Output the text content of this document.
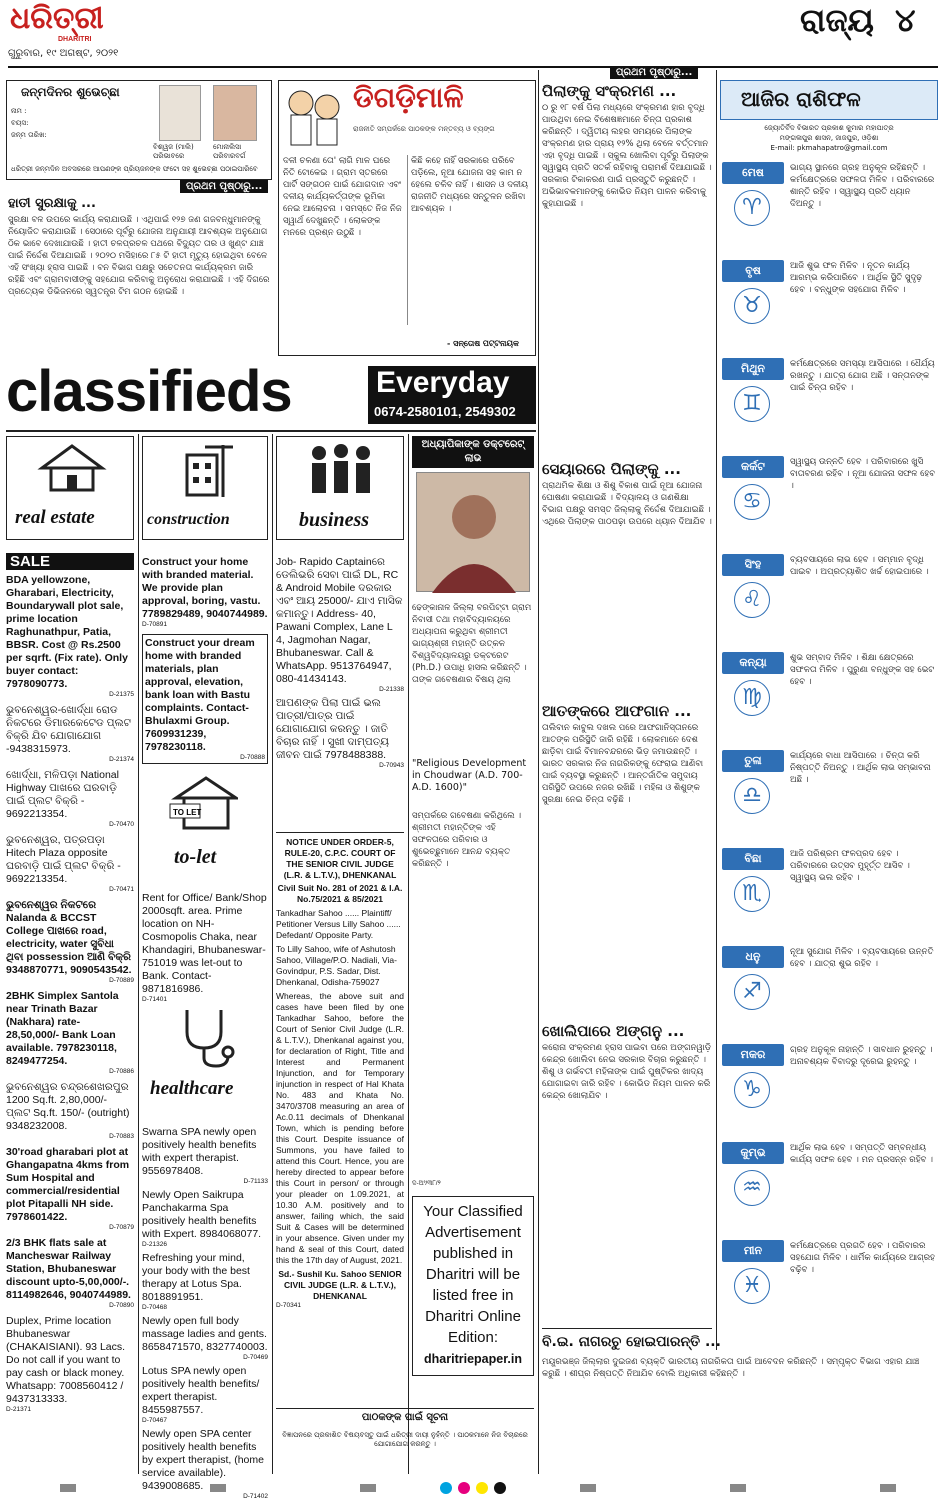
ଧରିତ୍ରୀ
DHARITRI
ଗୁରୁବାର, ୧୯ ଅଗଷ୍ଟ, ୨୦୨୧
ରାଜ୍ୟ ୪
ଜନ୍ମଦିନର ଶୁଭେଚ୍ଛା
ନାମ :
ବୟସ:
ଜନ୍ମ ତାରିଖ:
ବିଶ୍ୱଜ (ମାଲି)
ପରିଭାବରେ
ମୋନାଲିସା
ପରିବାରବର୍ଗ
ଧରିତ୍ରୀ ଜନ୍ମଦିନ ଅବସରରେ ଆପଣଙ୍କ ପ୍ରିୟଜନଙ୍କ ଫଟୋ ସହ ଶୁଭେଚ୍ଛା ପଠାଇପାରିବେ
ପ୍ରଥମ ପୃଷ୍ଠାରୁ...
ହାତୀ ସୁରକ୍ଷାକୁ ...
ସୁରକ୍ଷା ବଳ ଉପରେ କାର୍ଯ୍ୟ କରାଯାଉଛି । ଏଥିପାଇଁ ୧୨୭ ଜଣ ଗଜବନ୍ଧୁମାନଙ୍କୁ ନିୟୋଜିତ କରାଯାଉଛି । ସେଠାରେ ପୂର୍ବରୁ ଯୋଜନା ଅନୁଯାୟୀ ଆବଶ୍ୟକ ଅନୁଯୋଗ ଠିକ ଭାବେ ଦେଖାଯାଉଛି । ହାତୀ ଚଳପ୍ରଚଳ ପଥରେ ବିଦ୍ୟୁତ ତାର ଓ ଖୁଣ୍ଟ ଯାଞ୍ଚ ପାଇଁ ନିର୍ଦ୍ଦେଶ ଦିଆଯାଇଛି । ୨୦୨୦ ମସିହାରେ ୮୫ ଟି ହାତୀ ମୃତ୍ୟୁ ହୋଇଥିବା ବେଳେ ଏହି ସଂଖ୍ୟା ହ୍ରାସ ପାଇଛି । ବନ ବିଭାଗ ପକ୍ଷରୁ ସଚେତନତା କାର୍ଯ୍ୟକ୍ରମ ଜାରି ରହିଛି ଏବଂ ଗ୍ରାମବାସୀଙ୍କୁ ସହଯୋଗ କରିବାକୁ ଅନୁରୋଧ କରାଯାଇଛି । ଏହି ଦିଗରେ ପ୍ରତ୍ୟେକ ଡିଭିଜନରେ ସ୍ୱତନ୍ତ୍ର ଟିମ ଗଠନ ହୋଇଛି ।
ଡିଗଡ଼ିମାଳି
ରାଜନୀତି ସମ୍ପର୍କରେ ପାଠକଙ୍କ ମନ୍ତବ୍ୟ ଓ ବ୍ୟଙ୍ଗ
ଦଳୀ ଚଳଣା ତୋ' ଲାଗି ମାଳ ଘରେ ନିତି ଟୋକେଇ । ଗ୍ରାମ ସ୍ତରରେ ପାର୍ଟି ସଙ୍ଗଠନ ପାଇଁ ଯୋଗଦାନ ଏବଂ ଦଳୀୟ କାର୍ଯ୍ୟକର୍ତ୍ତାଙ୍କ ଭୂମିକା ନେଇ ଆଲୋଚନା । ସମସ୍ତେ ନିଜ ନିଜ ସ୍ୱାର୍ଥ ଦେଖୁଛନ୍ତି । ଲୋକଙ୍କ ମନରେ ପ୍ରଶ୍ନ ଉଠୁଛି ।
କିଛି କହେ ନାହିଁ ସରକାରେ ପରିବେ ପଡ଼ିଲେ, ନୂଆ ଯୋଜନା ସହ କାମ ନ ହେଲେ ଚଳିବ ନାହିଁ । ଶାସନ ଓ ଦଳୀୟ ରାଜନୀତି ମଧ୍ୟରେ ସନ୍ତୁଳନ ରଖିବା ଆବଶ୍ୟକ ।
- ସନ୍ତୋଷ ପଟ୍ଟନାୟକ
classifieds	Everyday
0674-2580101, 2549302
real estate
SALE
BDA yellowzone, Gharabari, Electricity, Boundarywall plot sale, prime location Raghunathpur, Patia, BBSR. Cost @ Rs.2500 per sqrft. (Fix rate). Only buyer contact: 7978090773.
D-21375
ଭୁବନେଶ୍ୱର-ଖୋର୍ଦ୍ଧା ରୋଡ ନିକଟରେ ଡିମାରକେଟେଡ ପ୍ଲଟ ବିକ୍ରି ଯିବ ଯୋଗାଯୋଗ -9438315973.
D-21374
ଖୋର୍ଦ୍ଧା, ମଳିପଡ଼ା National Highway ପାଖରେ ଘରବାଡ଼ି ପାଇଁ ପ୍ଲଟ ବିକ୍ରି - 9692213354.
D-70470
ଭୁବନେଶ୍ୱର, ପତ୍ରପଡ଼ା Hitech Plaza opposite ଘରବାଡ଼ି ପାଇଁ ପ୍ଲଟ ବିକ୍ରି - 9692213354.
D-70471
ଭୁବନେଶ୍ୱର ନିକଟରେ Nalanda & BCCST College ପାଖରେ road, electricity, water ସୁବିଧା ଥିବା possession ଆଣି ବିକ୍ରି 9348870771, 9090543542.
D-70889
2BHK Simplex Santola near Trinath Bazar (Nakhara) rate- 28,50,000/- Bank Loan available. 7978230118, 8249477254.
D-70886
ଭୁବନେଶ୍ୱର ଚନ୍ଦ୍ରଶେଖରପୁର 1200 Sq.ft. 2,80,000/- ପ୍ଲଟ Sq.ft. 150/- (outright) 9348232008.
D-70883
30'road gharabari plot at Ghangapatna 4kms from Sum Hospital and commercial/residential plot Pitapalli NH side. 7978601422.
D-70879
2/3 BHK flats sale at Mancheswar Railway Station, Bhubaneswar discount upto-5,00,000/-. 8114982646, 9040744989.
D-70890
Duplex, Prime location Bhubaneswar (CHAKAISIANI). 93 Lacs. Do not call if you want to pay cash or black money. Whatsapp: 7008560412 / 9437313333.
D-21371
construction
Construct your home with branded material. We provide plan approval, boring, vastu. 7789829489, 9040744989.
D-70891
Construct your dream home with branded materials, plan approval, elevation, bank loan with Bastu complaints. Contact- Bhulaxmi Group. 7609931239, 7978230118.
D-70888
TO LET
to-let
Rent for Office/ Bank/Shop 2000sqft. area. Prime location on NH-Cosmopolis Chaka, near Khandagiri, Bhubaneswar- 751019 was let-out to Bank. Contact- 9871816986.
D-71401
healthcare
Swarna SPA newly open positively health benefits with expert therapist. 9556978408.
D-71133
Newly Open Saikrupa Panchakarma Spa positively health benefits with Expert. 8984068077.
D-21326
Refreshing your mind, your body with the best therapy at Lotus Spa. 8018891951.
D-70468
Newly open full body massage ladies and gents. 8658471570, 8327740003.
D-70469
Lotus SPA newly open positively health benefits/ expert therapist. 8455987557.
D-70467
Newly open SPA center positively health benefits by expert therapist, (home service available). 9439008685.
D-71402
business
Job- Rapido Captainରେ ଡେଲିଭରି ସେବା ପାଇଁ DL, RC & Android Mobile ଦରକାର ଏବଂ ଆୟ 25000/- ଯାଏ ମାସିକ କମାନ୍ତୁ। Address- 40, Pawani Complex, Lane L 4, Jagmohan Nagar, Bhubaneswar. Call & WhatsApp. 9513764947, 080-41434143.
D-21338
ଆପଣଙ୍କ ପିଲା ପାଇଁ ଭଲ ପାତ୍ରୀ/ପାତ୍ର ପାଇଁ ଯୋଗାଯୋଗ କରନ୍ତୁ । ଜାତି ବିଚାର ନାହିଁ । ସୁଖୀ ଦାମ୍ପତ୍ୟ ଜୀବନ ପାଇଁ 7978488388.
D-70943
NOTICE UNDER ORDER-5, RULE-20, C.P.C. COURT OF THE SENIOR CIVIL JUDGE (L.R. & L.T.V.), DHENKANAL
Civil Suit No. 281 of 2021 & I.A. No.75/2021 & 85/2021
Tankadhar Sahoo ...... Plaintiff/ Petitioner Versus Lilly Sahoo ...... Defedant/ Opposite Party.
To Lilly Sahoo, wife of Ashutosh Sahoo, Village/P.O. Nadiali, Via-Govindpur, P.S. Sadar, Dist. Dhenkanal, Odisha-759027
Whereas, the above suit and cases have been filed by one Tankadhar Sahoo, before the Court of Senior Civil Judge (L.R. & L.T.V.), Dhenkanal against you, for declaration of Right, Title and Interest and Permanent Injunction, and for Temporary injunction in respect of Hal Khata No. 483 and Khata No. 3470/3708 measuring an area of Ac.0.11 decimals of Dhenkanal Town, which is pending before this Court. Despite issuance of Summons, you have failed to attend this Court. Hence, you are hereby directed to appear before this Court in person/ or through your pleader on 1.09.2021, at 10.30 A.M. positively and to answer, failing which, the said Suit & Cases will be determined in your absence. Given under my hand & seal of this Court, dated this the 17th day of August, 2021.
Sd.- Sushil Ku. Sahoo SENIOR CIVIL JUDGE (L.R. & L.T.V.), DHENKANAL
D-70341
ଅଧ୍ୟାପିକାଙ୍କ ଡକ୍ଟରେଟ୍ ଲାଭ
ଢେଙ୍କାନାଳ ଜିଲ୍ଲା ବରପିଟ୍ଟା ଗ୍ରାମ ନିବାସୀ ତଥା ମହାବିଦ୍ୟାଳୟରେ ଅଧ୍ୟାପନା କରୁଥିବା ଶ୍ରୀମତୀ ଭାଗ୍ୟଶ୍ରୀ ମହାନ୍ତି ଉତ୍କଳ ବିଶ୍ୱବିଦ୍ୟାଳୟରୁ ଡକ୍ଟରେଟ (Ph.D.) ଉପାଧି ହାସଲ କରିଛନ୍ତି । ତାଙ୍କ ଗବେଷଣାର ବିଷୟ ଥିଲା
"Religious Development in Choudwar (A.D. 700- A.D. 1600)"
ସମ୍ପର୍କରେ ଗବେଷଣା କରିଥିଲେ । ଶ୍ରୀମତୀ ମହାନ୍ତିଙ୍କ ଏହି ସଫଳତାରେ ପରିବାର ଓ ଶୁଭେଚ୍ଛୁମାନେ ଆନନ୍ଦ ବ୍ୟକ୍ତ କରିଛନ୍ତି ।
ଦ-ଅଂ/୩୮/୨
Your Classified Advertisement published in Dharitri will be listed free in Dharitri Online Edition:
dharitriepaper.in
ପାଠକଙ୍କ ପାଇଁ ସୂଚନା
ବିଜ୍ଞାପନରେ ପ୍ରକାଶିତ ବିଷୟବସ୍ତୁ ପାଇଁ ଧରିତ୍ରୀ ଦାୟୀ ନୁହଁନ୍ତି । ପାଠକମାନେ ନିଜ ବିଚାରରେ ଯୋଗାଯୋଗ କରନ୍ତୁ ।
ପ୍ରଥମ ପୃଷ୍ଠାରୁ...
ପିଲାଙ୍କୁ ସଂକ୍ରମଣ ...
୦ ରୁ ୧୮ ବର୍ଷ ପିଲା ମଧ୍ୟରେ ସଂକ୍ରମଣ ହାର ବୃଦ୍ଧି ପାଉଥିବା ନେଇ ବିଶେଷଜ୍ଞମାନେ ଚିନ୍ତା ପ୍ରକାଶ କରିଛନ୍ତି । ଦ୍ୱିତୀୟ ଲହର ସମୟରେ ପିଲାଙ୍କ ସଂକ୍ରମଣ ହାର ପ୍ରାୟ ୧୨% ଥିଲା ବେଳେ ବର୍ତ୍ତମାନ ଏହା ବୃଦ୍ଧି ପାଇଛି । ସ୍କୁଲ ଖୋଲିବା ପୂର୍ବରୁ ପିଲାଙ୍କ ସ୍ୱାସ୍ଥ୍ୟ ପ୍ରତି ସତର୍କ ରହିବାକୁ ପରାମର୍ଶ ଦିଆଯାଇଛି । ସରକାର ଟିକାକରଣ ପାଇଁ ପ୍ରସ୍ତୁତି କରୁଛନ୍ତି । ଅଭିଭାବକମାନଙ୍କୁ କୋଭିଡ ନିୟମ ପାଳନ କରିବାକୁ କୁହାଯାଇଛି ।
ସେୟାରରେ ପିଲାଙ୍କୁ ...
ପ୍ରାଥମିକ ଶିକ୍ଷା ଓ ଶିଶୁ ବିକାଶ ପାଇଁ ନୂଆ ଯୋଜନା ଘୋଷଣା କରାଯାଇଛି । ବିଦ୍ୟାଳୟ ଓ ଗଣଶିକ୍ଷା ବିଭାଗ ପକ୍ଷରୁ ସମସ୍ତ ଜିଲ୍ଲାକୁ ନିର୍ଦ୍ଦେଶ ଦିଆଯାଇଛି । ଏଥିରେ ପିଲାଙ୍କ ପାଠପଢ଼ା ଉପରେ ଧ୍ୟାନ ଦିଆଯିବ ।
ଆତଙ୍କରେ ଆଫଗାନ ...
ତାଲିବାନ କାବୁଲ ଦଖଲ ପରେ ଆଫଗାନିସ୍ତାନରେ ଆତଙ୍କ ପରିସ୍ଥିତି ଜାରି ରହିଛି । ଲୋକମାନେ ଦେଶ ଛାଡ଼ିବା ପାଇଁ ବିମାନବନ୍ଦରରେ ଭିଡ଼ ଜମାଉଛନ୍ତି । ଭାରତ ସରକାର ନିଜ ନାଗରିକଙ୍କୁ ଫେରାଇ ଆଣିବା ପାଇଁ ବ୍ୟବସ୍ଥା କରୁଛନ୍ତି । ଆନ୍ତର୍ଜାତିକ ସମୁଦାୟ ପରିସ୍ଥିତି ଉପରେ ନଜର ରଖିଛି । ମହିଳା ଓ ଶିଶୁଙ୍କ ସୁରକ୍ଷା ନେଇ ଚିନ୍ତା ବଢ଼ିଛି ।
ଖୋଲିପାରେ ଅଙ୍ଗନୁ ...
କରୋନା ସଂକ୍ରମଣ ହ୍ରାସ ପାଇବା ପରେ ଅଙ୍ଗନୱାଡ଼ି କେନ୍ଦ୍ର ଖୋଲିବା ନେଇ ସରକାର ବିଚାର କରୁଛନ୍ତି । ଶିଶୁ ଓ ଗର୍ଭବତୀ ମହିଳାଙ୍କ ପାଇଁ ପୁଷ୍ଟିକର ଖାଦ୍ୟ ଯୋଗାଇବା ଜାରି ରହିବ । କୋଭିଡ ନିୟମ ପାଳନ କରି କେନ୍ଦ୍ର ଖୋଲାଯିବ ।
ବି.ଇ. ନାଗରଚୁ ହୋଇପାରନ୍ତି ...
ମୟୂରଭଞ୍ଜ ଜିଲ୍ଲାର ଦୁଇଜଣ ବ୍ୟକ୍ତି ଭାରତୀୟ ନାଗରିକତା ପାଇଁ ଆବେଦନ କରିଛନ୍ତି । ସମ୍ପୃକ୍ତ ବିଭାଗ ଏହାର ଯାଞ୍ଚ କରୁଛି । ଶୀଘ୍ର ନିଷ୍ପତ୍ତି ନିଆଯିବ ବୋଲି ଅଧିକାରୀ କହିଛନ୍ତି ।
ଆଜିର ରାଶିଫଳ
ଜ୍ୟୋତିର୍ବିଦ ବିଭାରତ ପ୍ରକାଶ କୁମାର ମହାପାତ୍ର
ମଙ୍ଗଳାପୁର ଶାସନ, ଜାଜପୁର, ଓଡ଼ିଶା
E-mail: pkmahapatro@gmail.com
ମେଷ
♈
ଭାଗ୍ୟ ସ୍ଥାନରେ ଗ୍ରହ ଅନୁକୂଳ ରହିଛନ୍ତି । କର୍ମକ୍ଷେତ୍ରରେ ସଫଳତା ମିଳିବ । ପରିବାରରେ ଶାନ୍ତି ରହିବ । ସ୍ୱାସ୍ଥ୍ୟ ପ୍ରତି ଧ୍ୟାନ ଦିଅନ୍ତୁ ।
ବୃଷ
♉
ଆଜି ଶୁଭ ଫଳ ମିଳିବ । ନୂତନ କାର୍ଯ୍ୟ ଆରମ୍ଭ କରିପାରିବେ । ଆର୍ଥିକ ସ୍ଥିତି ସୁଦୃଢ଼ ହେବ । ବନ୍ଧୁଙ୍କ ସହଯୋଗ ମିଳିବ ।
ମିଥୁନ
♊
କର୍ମକ୍ଷେତ୍ରରେ ସମସ୍ୟା ଆସିପାରେ । ଧୈର୍ଯ୍ୟ ରଖନ୍ତୁ । ଯାତ୍ରା ଯୋଗ ଅଛି । ସନ୍ତାନଙ୍କ ପାଇଁ ଚିନ୍ତା ରହିବ ।
କର୍କଟ
♋
ସ୍ୱାସ୍ଥ୍ୟ ଉନ୍ନତି ହେବ । ପରିବାରରେ ଖୁସି ବାତାବରଣ ରହିବ । ନୂଆ ଯୋଜନା ସଫଳ ହେବ ।
ସିଂହ
♌
ବ୍ୟବସାୟରେ ଲାଭ ହେବ । ସମ୍ମାନ ବୃଦ୍ଧି ପାଇବ । ଅପ୍ରତ୍ୟାଶିତ ଖର୍ଚ୍ଚ ହୋଇପାରେ ।
କନ୍ୟା
♍
ଶୁଭ ସମ୍ବାଦ ମିଳିବ । ଶିକ୍ଷା କ୍ଷେତ୍ରରେ ସଫଳତା ମିଳିବ । ପୁରୁଣା ବନ୍ଧୁଙ୍କ ସହ ଭେଟ ହେବ ।
ତୁଳା
♎
କାର୍ଯ୍ୟରେ ବାଧା ଆସିପାରେ । ଚିନ୍ତା କରି ନିଷ୍ପତ୍ତି ନିଅନ୍ତୁ । ଆର୍ଥିକ ଲାଭ ସମ୍ଭାବନା ଅଛି ।
ବିଛା
♏
ଆଜି ପରିଶ୍ରମ ଫଳପ୍ରଦ ହେବ । ପରିବାରରେ ଉତ୍ସବ ମୁହୂର୍ତ୍ତ ଆସିବ । ସ୍ୱାସ୍ଥ୍ୟ ଭଲ ରହିବ ।
ଧନୁ
♐
ନୂଆ ସୁଯୋଗ ମିଳିବ । ବ୍ୟବସାୟରେ ଉନ୍ନତି ହେବ । ଯାତ୍ରା ଶୁଭ ରହିବ ।
ମକର
♑
ଗ୍ରହ ଅନୁକୂଳ ନାହାନ୍ତି । ସାବଧାନ ରୁହନ୍ତୁ । ଅନାବଶ୍ୟକ ବିବାଦରୁ ଦୂରେଇ ରୁହନ୍ତୁ ।
କୁମ୍ଭ
♒
ଆର୍ଥିକ ଲାଭ ହେବ । ସମ୍ପତ୍ତି ସମ୍ବନ୍ଧୀୟ କାର୍ଯ୍ୟ ସଫଳ ହେବ । ମନ ପ୍ରସନ୍ନ ରହିବ ।
ମୀନ
♓
କର୍ମକ୍ଷେତ୍ରରେ ପ୍ରଗତି ହେବ । ପରିବାରର ସହଯୋଗ ମିଳିବ । ଧାର୍ମିକ କାର୍ଯ୍ୟରେ ଆଗ୍ରହ ବଢ଼ିବ ।
